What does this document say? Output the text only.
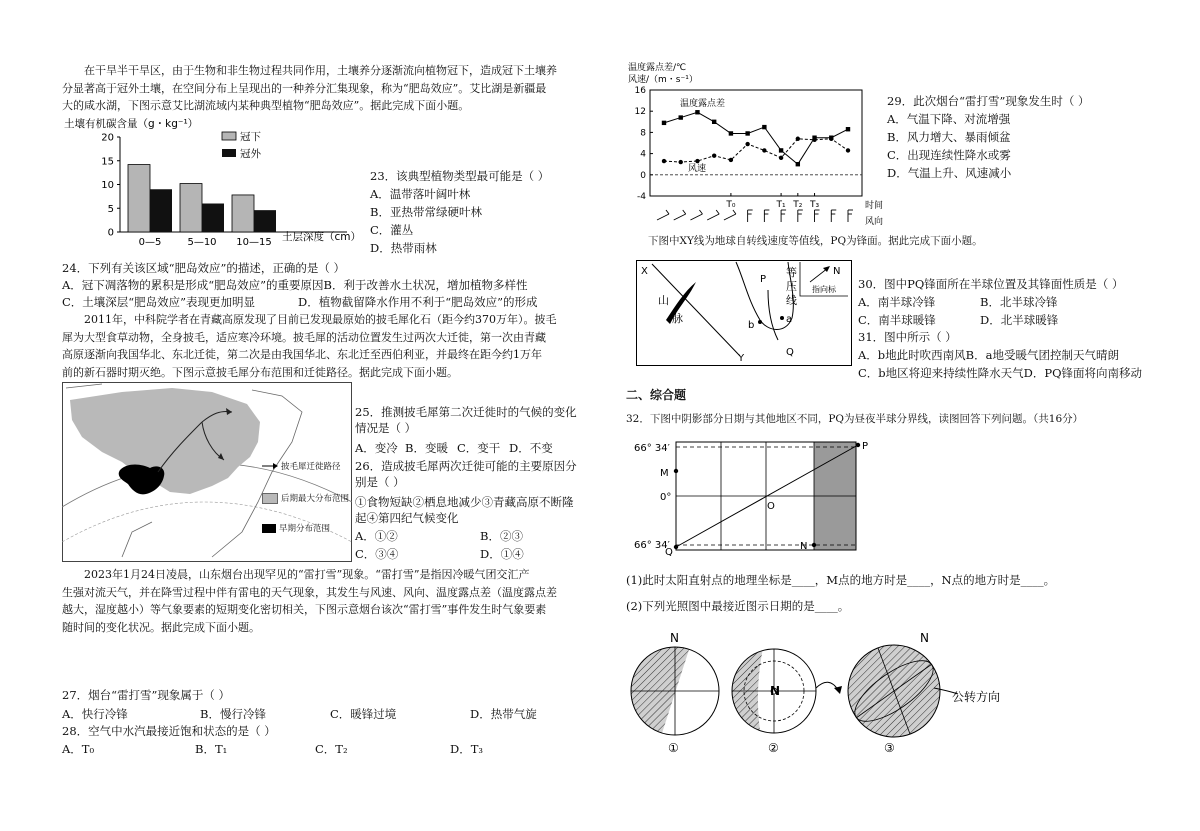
在干旱半干旱区，由于生物和非生物过程共同作用，土壤养分逐渐流向植物冠下，造成冠下土壤养
分显著高于冠外土壤，在空间分布上呈现出的一种养分汇集现象，称为“肥岛效应”。艾比湖是新疆最
大的咸水湖，下图示意艾比湖流域内某种典型植物“肥岛效应”。据此完成下面小题。
土壤有机碳含量（g・kg⁻¹）
0
5
10
15
20
0—5	5—10 10—15 土层深度（cm）
冠下
冠外
23．该典型植物类型最可能是（ ）
A．温带落叶阔叶林
B．亚热带常绿硬叶林
C．灌丛
D．热带雨林
24．下列有关该区域“肥岛效应”的描述，正确的是（ ）
A．冠下凋落物的累积是形成“肥岛效应”的重要原因B．利于改善水土状况，增加植物多样性
C．土壤深层“肥岛效应”表现更加明显	D．植物截留降水作用不利于“肥岛效应”的形成
2011年，中科院学者在青藏高原发现了目前已发现最原始的披毛犀化石（距今约370万年）。披毛
犀为大型食草动物，全身披毛，适应寒冷环境。披毛犀的活动位置发生过两次大迁徙，第一次由青藏
高原逐渐向我国华北、东北迁徙，第二次是由我国华北、东北迁至西伯利亚，并最终在距今约1万年
前的新石器时期灭绝。下图示意披毛犀分布范围和迁徙路径。据此完成下面小题。
披毛犀迁徙路径
后期最大分布范围
早期分布范围
25．推测披毛犀第二次迁徙时的气候的变化
情况是（ ）
A．变冷 B．变暖 C．变干 D．不变
26．造成披毛犀两次迁徙可能的主要原因分
别是（ ）
①食物短缺②栖息地减少③青藏高原不断隆
起④第四纪气候变化
A．①②	B．②③
C．③④	D．①④
2023年1月24日凌晨，山东烟台出现罕见的“雷打雪”现象。“雷打雪”是指因冷暖气团交汇产
生强对流天气，并在降雪过程中伴有雷电的天气现象，其发生与风速、风向、温度露点差（温度露点差
越大，湿度越小）等气象要素的短期变化密切相关，下图示意烟台该次“雷打雪”事件发生时气象要素
随时间的变化状况。据此完成下面小题。
27．烟台“雷打雪”现象属于（ ）
A．快行冷锋	B．慢行冷锋	C．暖锋过境	D．热带气旋
28．空气中水汽最接近饱和状态的是（ ）
A．T₀	B．T₁	C．T₂	D．T₃
温度露点差/℃
风速/（m・s⁻¹）
16
12
8
4
0
-4
温度露点差
风速
T₀	T₁ T₂ T₃	时间
风向
29．此次烟台“雷打雪”现象发生时（ ）
A．气温下降、对流增强
B．风力增大、暴雨倾盆
C．出现连续性降水或雾
D．气温上升、风速减小
下图中XY线为地球自转线速度等值线，PQ为锋面。据此完成下面小题。
X
Y
山
脉
P
Q
a
b
等
压
线
N
指向标 30．图中PQ锋面所在半球位置及其锋面性质是（ ）
A．南半球冷锋	B．北半球冷锋
C．南半球暖锋	D．北半球暖锋
31．图中所示（ ）
A．b地此时吹西南风B．a地受暖气团控制天气晴朗
C．b地区将迎来持续性降水天气D．PQ锋面将向南移动
二、综合题
32．下图中阴影部分日期与其他地区不同，PQ为昼夜半球分界线，读图回答下列问题。（共16分）
66° 34′
M
0°
O
66° 34′
Q
N
P
(1)此时太阳直射点的地理坐标是____，M点的地方时是____，N点的地方时是____。
(2)下列光照图中最接近图示日期的是____。
N
①
N
②
N
③
公转方向
